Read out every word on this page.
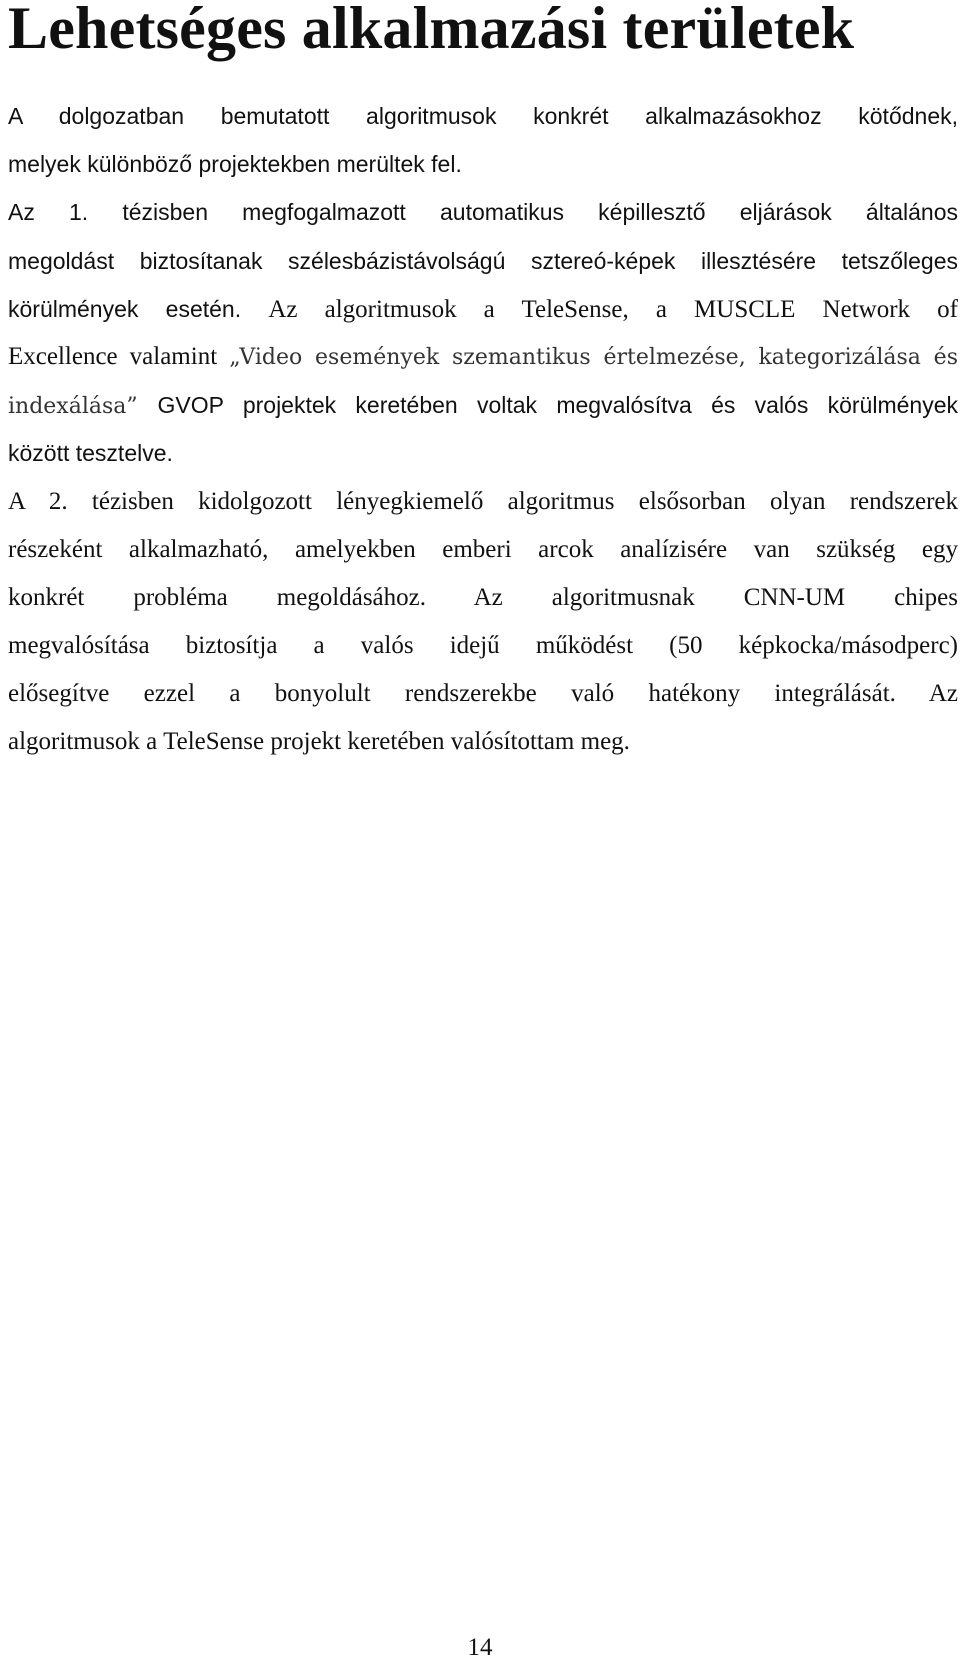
Lehetséges alkalmazási területek
A dolgozatban bemutatott algoritmusok konkrét alkalmazásokhoz kötődnek,
melyek különböző projektekben merültek fel.
Az 1. tézisben megfogalmazott automatikus képillesztő eljárások általános
megoldást biztosítanak szélesbázistávolságú sztereó-képek illesztésére tetszőleges
körülmények esetén. Az algoritmusok a TeleSense, a MUSCLE Network of
Excellence valamint „Video események szemantikus értelmezése, kategorizálása és
indexálása” GVOP projektek keretében voltak megvalósítva és valós körülmények
között tesztelve.
A 2. tézisben kidolgozott lényegkiemelő algoritmus elsősorban olyan rendszerek
részeként alkalmazható, amelyekben emberi arcok analízisére van szükség egy
konkrét probléma megoldásához. Az algoritmusnak CNN-UM chipes
megvalósítása biztosítja a valós idejű működést (50 képkocka/másodperc)
elősegítve ezzel a bonyolult rendszerekbe való hatékony integrálását. Az
algoritmusok a TeleSense projekt keretében valósítottam meg.
14
